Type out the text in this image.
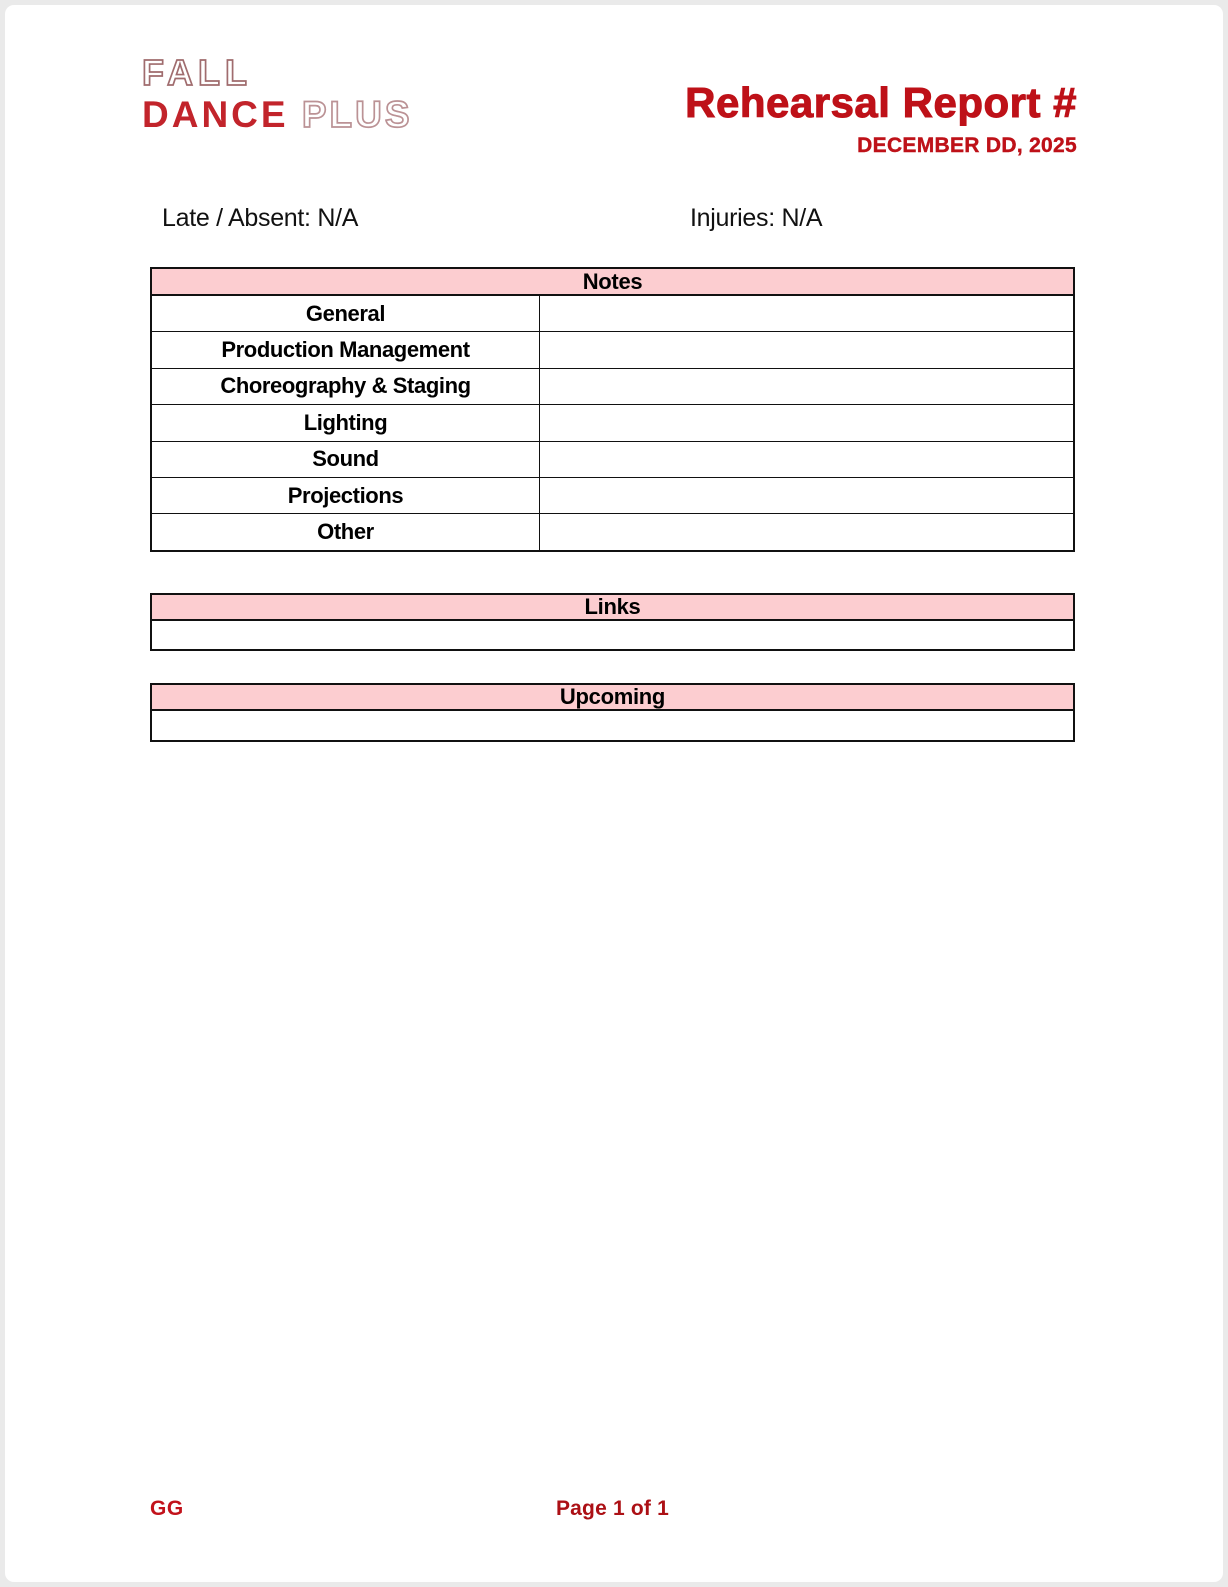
FALL
DANCE PLUS	Rehearsal Report #
DECEMBER DD, 2025
Late / Absent: N/A	Injuries: N/A
Notes
General
Production Management
Choreography & Staging
Lighting
Sound
Projections
Other
Links
Upcoming
GG	Page 1 of 1
